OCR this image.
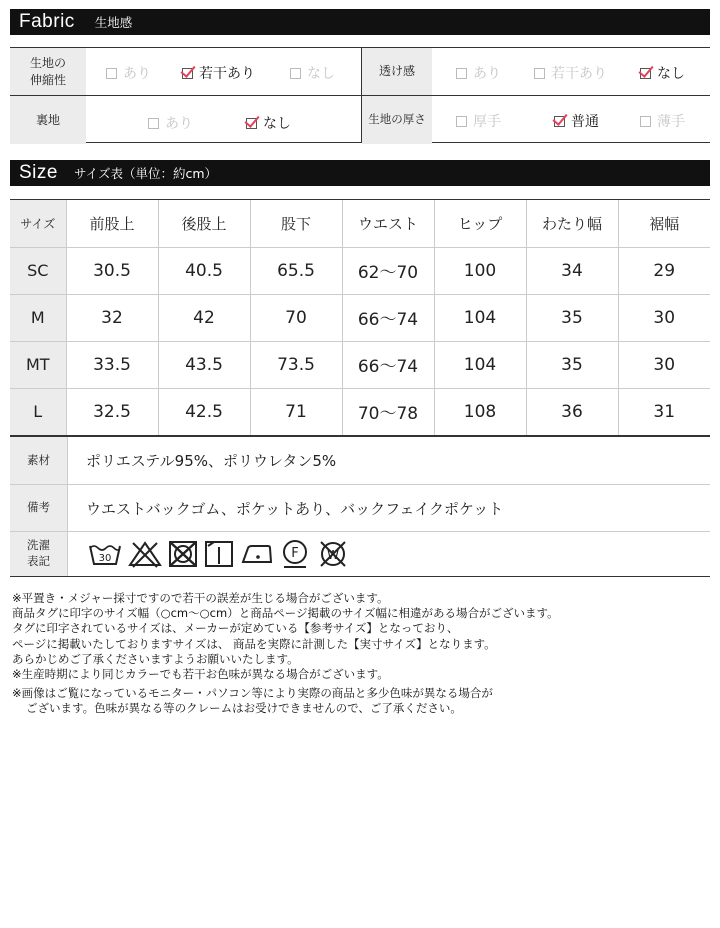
Fabric 生地感
生地の
伸縮性	あり	若干あり	なし	透け感	あり	若干あり	なし
裏地	あり	なし	生地の厚さ	厚手	普通	薄手
Size サイズ表（単位：約cm）
サイズ	前股上	後股上	股下	ウエスト	ヒップ	わたり幅	裾幅
SC	30.5	40.5	65.5	62〜70	100	34	29
M	32	42	70	66〜74	104	35	30
MT	33.5	43.5	73.5	66〜74	104	35	30
L	32.5	42.5	71	70〜78	108	36	31
素材	ポリエステル95%、ポリウレタン5%
備考	ウエストバックゴム、ポケットあり、バックフェイクポケット
洗濯
表記	30	F W

※平置き・メジャー採寸ですので若干の誤差が生じる場合がございます。

商品タグに印字のサイズ幅（○cm〜○cm）と商品ページ掲載のサイズ幅に相違がある場合がございます。

タグに印字されているサイズは、メーカーが定めている【参考サイズ】となっており、

ページに掲載いたしておりますサイズは、 商品を実際に計測した【実寸サイズ】となります。

あらかじめご了承くださいますようお願いいたします。

※生産時期により同じカラーでも若干お色味が異なる場合がございます。

※画像はご覧になっているモニター・パソコン等により実際の商品と多少色味が異なる場合が

ございます。色味が異なる等のクレームはお受けできませんので、ご了承ください。
